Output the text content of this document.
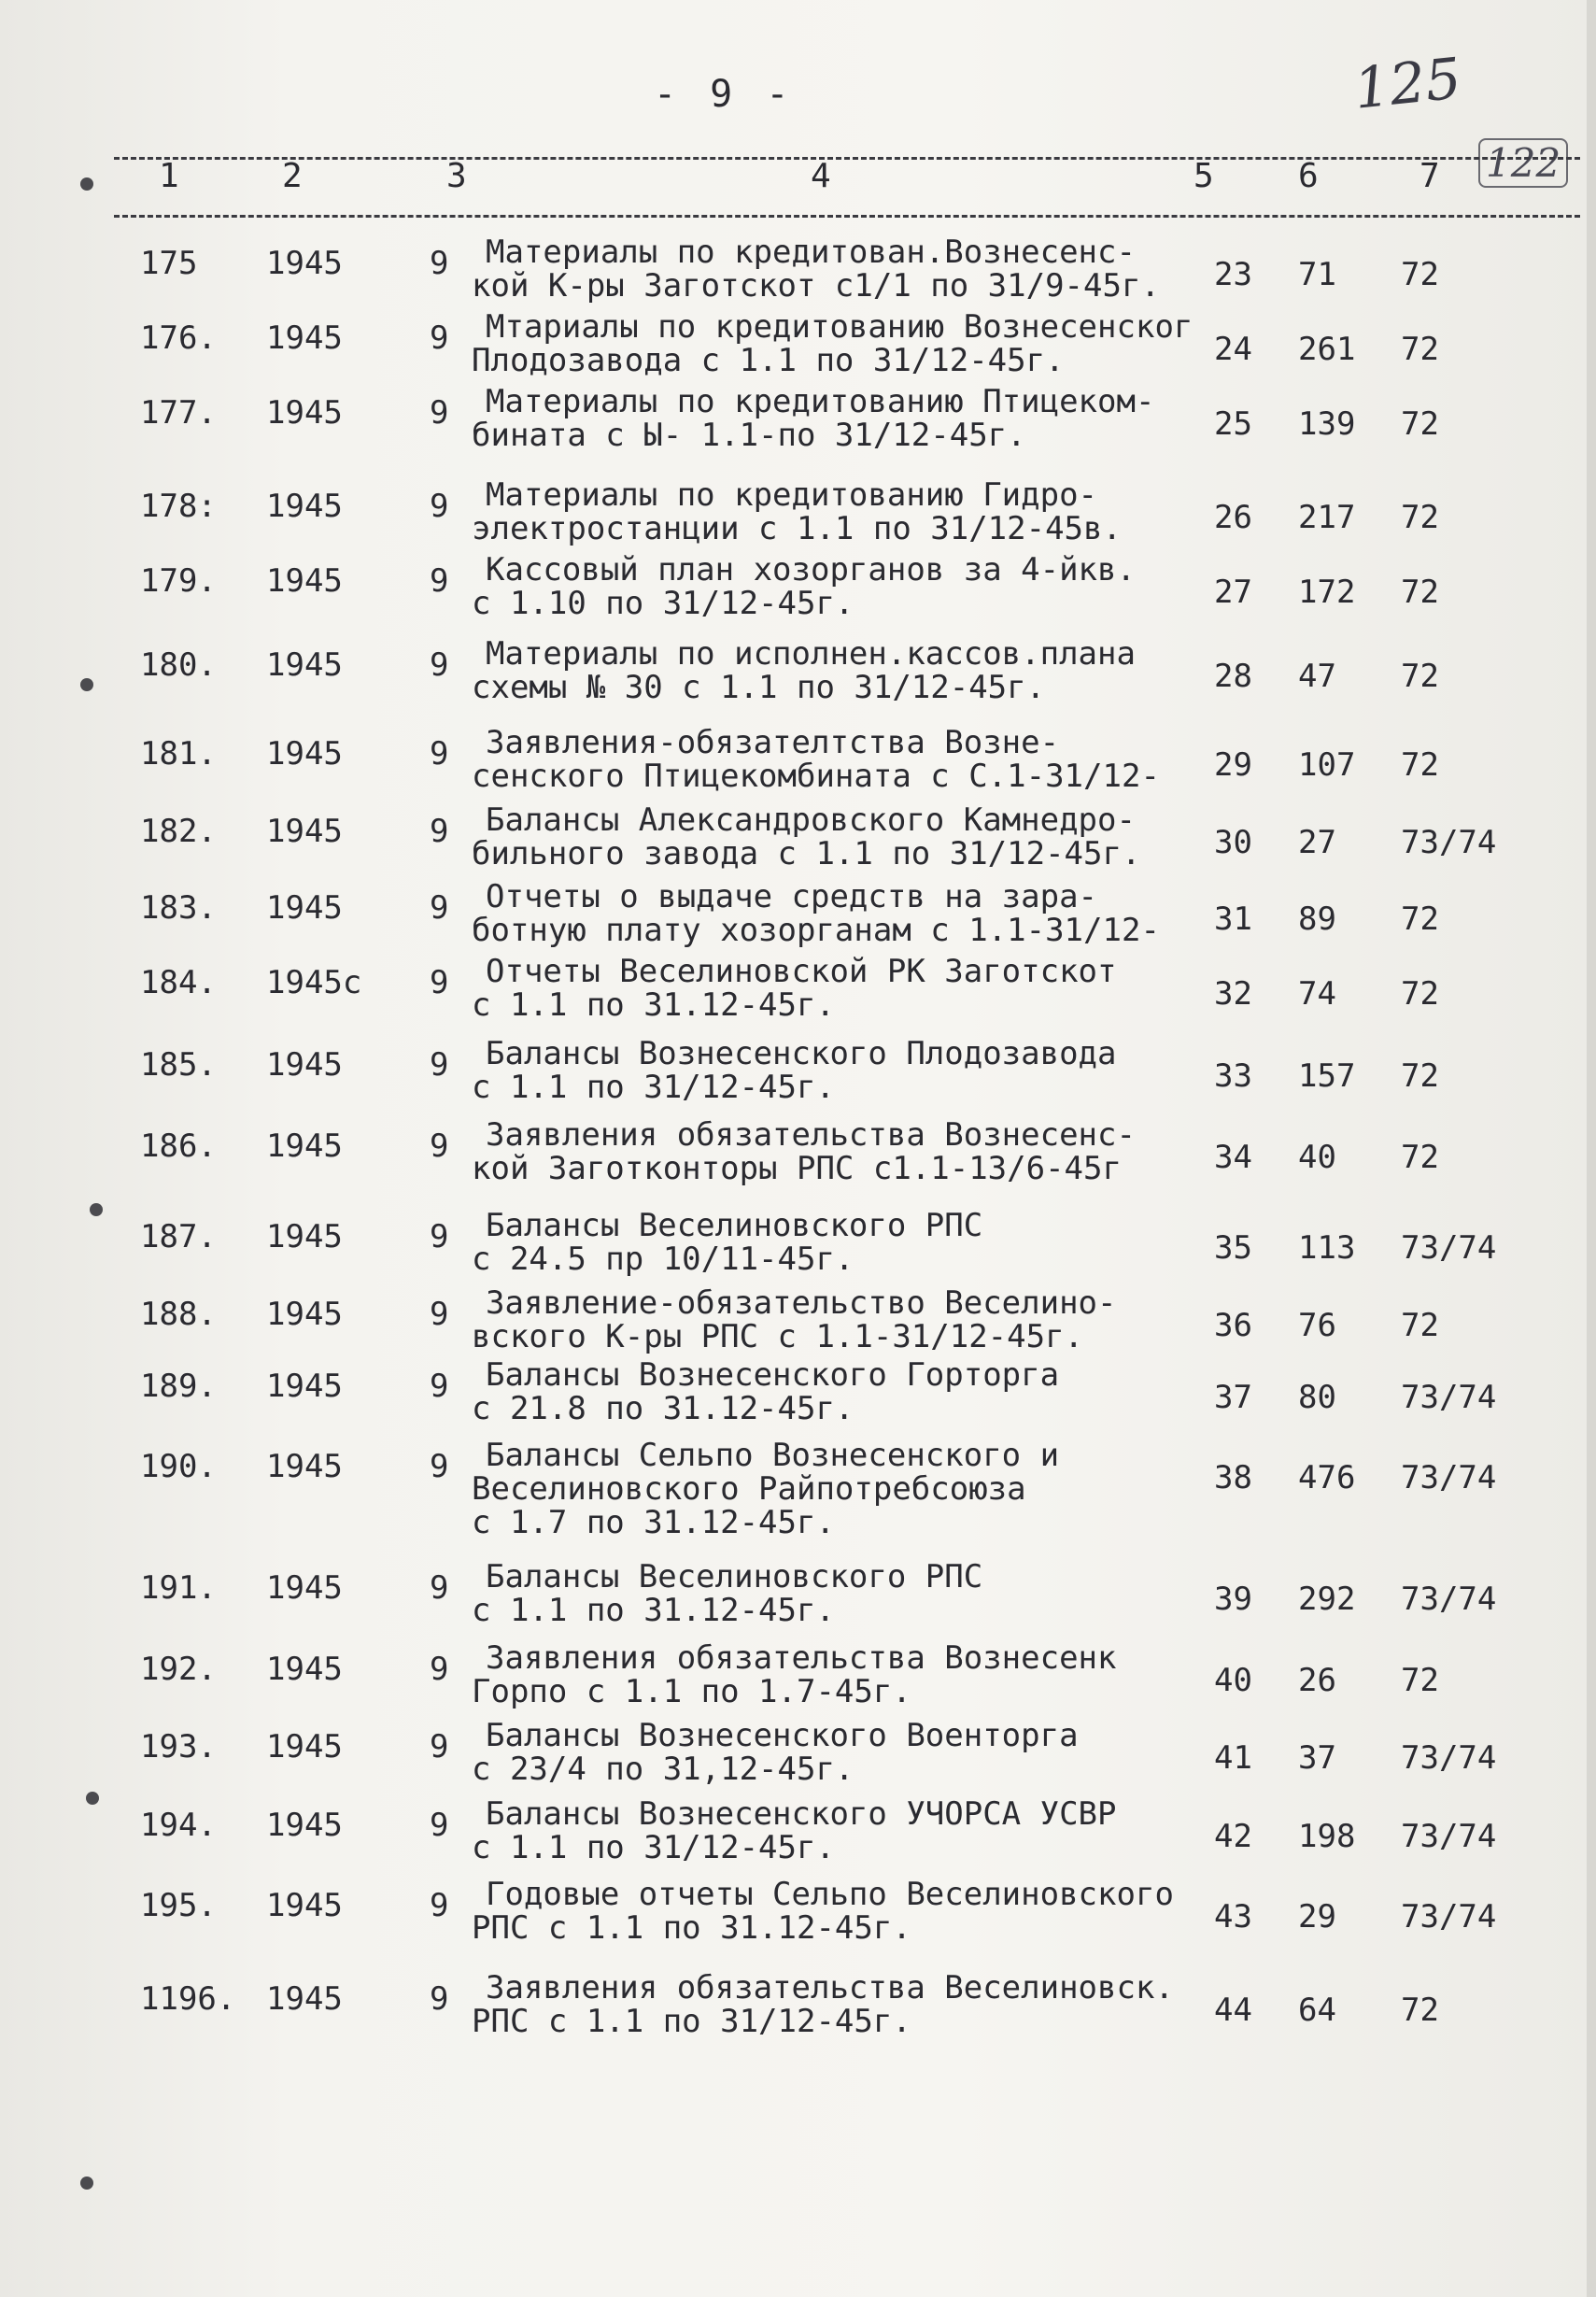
- 9 -	125
122
1	2	3	4	5	6	7
175 1945	9 Материалы по кредитован.Вознесенс-
кой К-ры Заготскот с1/1 по 31/9-45г. 23 71 72
176. 1945	9 Мтариалы по кредитованию Вознесенског
Плодозавода с 1.1 по 31/12-45г.	24 261 72
177. 1945	9 Материалы по кредитованию Птицеком-
бината с Ы- 1.1-по 31/12-45г.	25 139 72
178: 1945	9 Материалы по кредитованию Гидро-
электростанции с 1.1 по 31/12-45в.	26 217 72
179. 1945	9 Кассовый план хозорганов за 4-йкв.
с 1.10 по 31/12-45г.	27 172 72
180. 1945	9 Материалы по исполнен.кассов.плана
схемы № 30 с 1.1 по 31/12-45г.	28 47 72
181. 1945	9 Заявления-обязателтства Возне-
сенского Птицекомбината с С.1-31/12- 29 107 72
182. 1945	9 Балансы Александровского Камнедро-
бильного завода с 1.1 по 31/12-45г. 30 27 73/74
183. 1945	9 Отчеты о выдаче средств на зара-
ботную плату хозорганам с 1.1-31/12- 31 89 72
184. 1945с 9 Отчеты Веселиновской РК Заготскот
с 1.1 по 31.12-45г.	32 74 72
185. 1945	9 Балансы Вознесенского Плодозавода
с 1.1 по 31/12-45г.	33 157 72
186. 1945	9 Заявления обязательства Вознесенс-
кой Заготконторы РПС с1.1-13/6-45г	34 40 72
187. 1945	9 Балансы Веселиновского РПС
с 24.5 пр 10/11-45г.	35 113 73/74
188. 1945	9 Заявление-обязательство Веселино-
вского К-ры РПС с 1.1-31/12-45г.	36 76 72
189. 1945	9 Балансы Вознесенского Горторга
с 21.8 по 31.12-45г.	37 80 73/74
190. 1945	9 Балансы Сельпо Вознесенского и
Веселиновского Райпотребсоюза
с 1.7 по 31.12-45г.
38 476 73/74
191. 1945	9 Балансы Веселиновского РПС
с 1.1 по 31.12-45г.	39 292 73/74
192. 1945	9 Заявления обязательства Вознесенк
Горпо с 1.1 по 1.7-45г.	40 26 72
193. 1945	9 Балансы Вознесенского Военторга
с 23/4 по 31,12-45г.	41 37 73/74
194. 1945	9 Балансы Вознесенского УЧОРСА УСВР
с 1.1 по 31/12-45г.	42 198 73/74
195. 1945	9 Годовые отчеты Сельпо Веселиновского
РПС с 1.1 по 31.12-45г.	43 29 73/74
1196. 1945	9 Заявления обязательства Веселиновск.
РПС с 1.1 по 31/12-45г.	44 64 72
